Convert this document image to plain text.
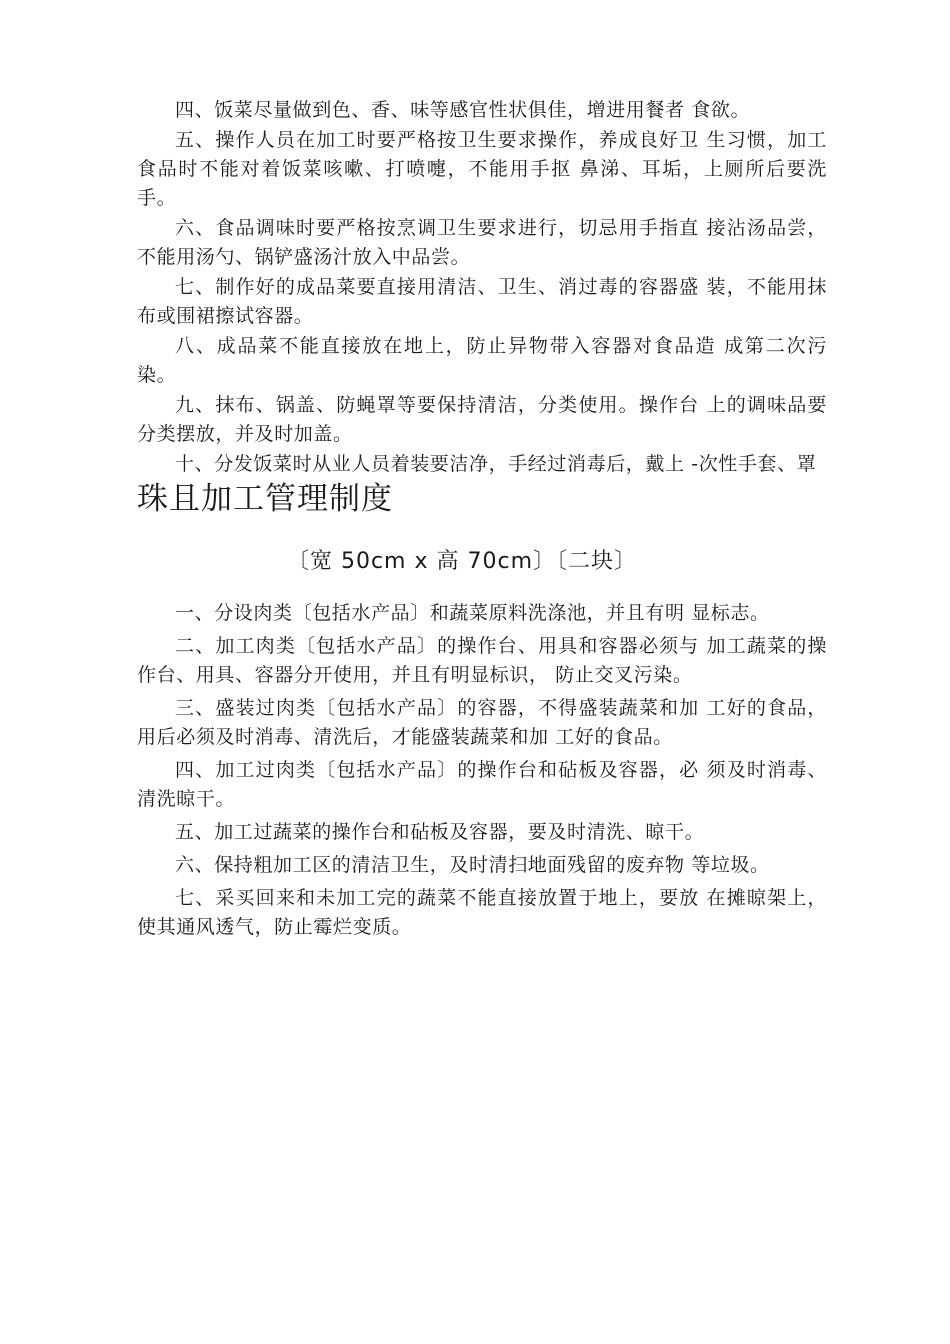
四、饭菜尽量做到色、香、味等感官性状俱佳，增进用餐者 食欲。

五、操作人员在加工时要严格按卫生要求操作，养成良好卫 生习惯，加工食品时不能对着饭菜咳嗽、打喷嚏，不能用手抠 鼻涕、耳垢，上厕所后要洗手。

六、食品调味时要严格按烹调卫生要求进行，切忌用手指直 接沾汤品尝，不能用汤勺、锅铲盛汤汁放入中品尝。

七、制作好的成品菜要直接用清洁、卫生、消过毒的容器盛 装，不能用抹布或围裙擦试容器。

八、成品菜不能直接放在地上，防止异物带入容器对食品造 成第二次污染。

九、抹布、锅盖、防蝇罩等要保持清洁，分类使用。操作台 上的调味品要分类摆放，并及时加盖。

十、分发饭菜时从业人员着装要洁净，手经过消毒后，戴上 -次性手套、罩珠且加工管理制度

〔宽 50cm x 高 70cm〕〔二块〕

一、分设肉类〔包括水产品〕和蔬菜原料洗涤池，并且有明 显标志。

二、加工肉类〔包括水产品〕的操作台、用具和容器必须与 加工蔬菜的操作台、用具、容器分开使用，并且有明显标识， 防止交叉污染。

三、盛装过肉类〔包括水产品〕的容器，不得盛装蔬菜和加 工好的食品，用后必须及时消毒、清洗后，才能盛装蔬菜和加 工好的食品。

四、加工过肉类〔包括水产品〕的操作台和砧板及容器，必 须及时消毒、清洗晾干。

五、加工过蔬菜的操作台和砧板及容器，要及时清洗、晾干。

六、保持粗加工区的清洁卫生，及时清扫地面残留的废弃物 等垃圾。

七、采买回来和未加工完的蔬菜不能直接放置于地上，要放 在摊晾架上，使其通风透气，防止霉烂变质。
